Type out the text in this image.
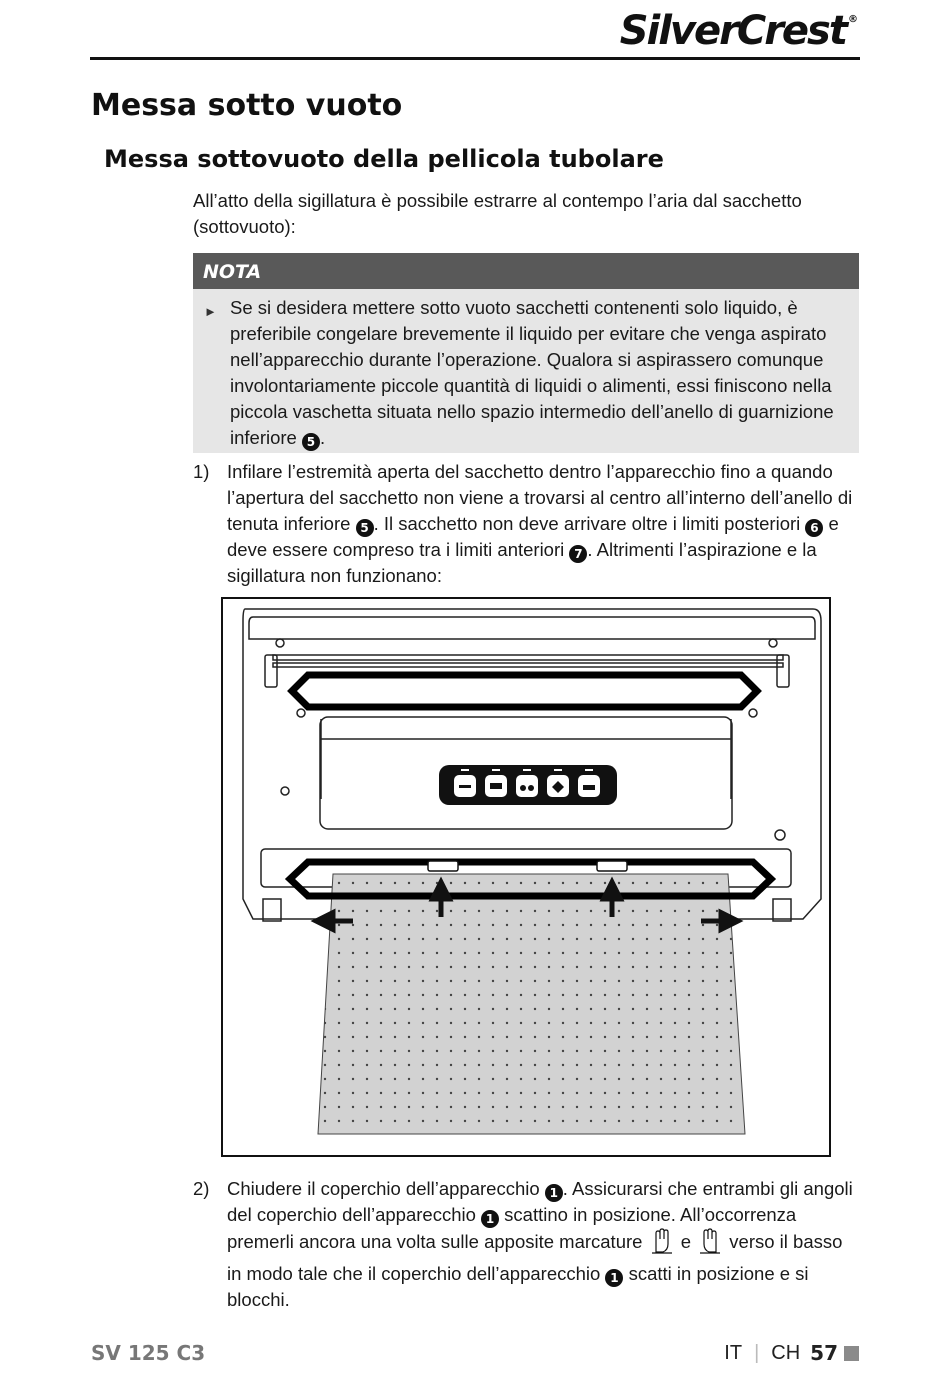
SilverCrest ®
Messa sotto vuoto
Messa sottovuoto della pellicola tubolare
All’atto della sigillatura è possibile estrarre al contempo l’aria dal sacchetto (sottovuoto):
NOTA
► Se si desidera mettere sotto vuoto sacchetti contenenti solo liquido, è preferibile congelare brevemente il liquido per evitare che venga aspirato nell’apparecchio durante l’operazione. Qualora si aspirassero comunque involontariamente piccole quantità di liquidi o alimenti, essi finiscono nella piccola vaschetta situata nello spazio intermedio dell’anello di guarnizione inferiore 5 .
1) Infilare l’estremità aperta del sacchetto dentro l’apparecchio fino a quando l’apertura del sacchetto non viene a trovarsi al centro all’interno dell’anello di tenuta inferiore 5 . Il sacchetto non deve arrivare oltre i limiti posteriori 6 e deve essere compreso tra i limiti anteriori 7 . Altrimenti l’aspirazione e la sigillatura non funzionano:
2) Chiudere il coperchio dell’apparecchio 1 . Assicurarsi che entrambi gli angoli del coperchio dell’apparecchio 1 scattino in posizione. All’occorrenza premerli ancora una volta sulle apposite marcature e verso il basso in modo tale che il coperchio dell’apparecchio 1 scatti in posizione e si blocchi.
SV 125 C3	IT | CH 57
